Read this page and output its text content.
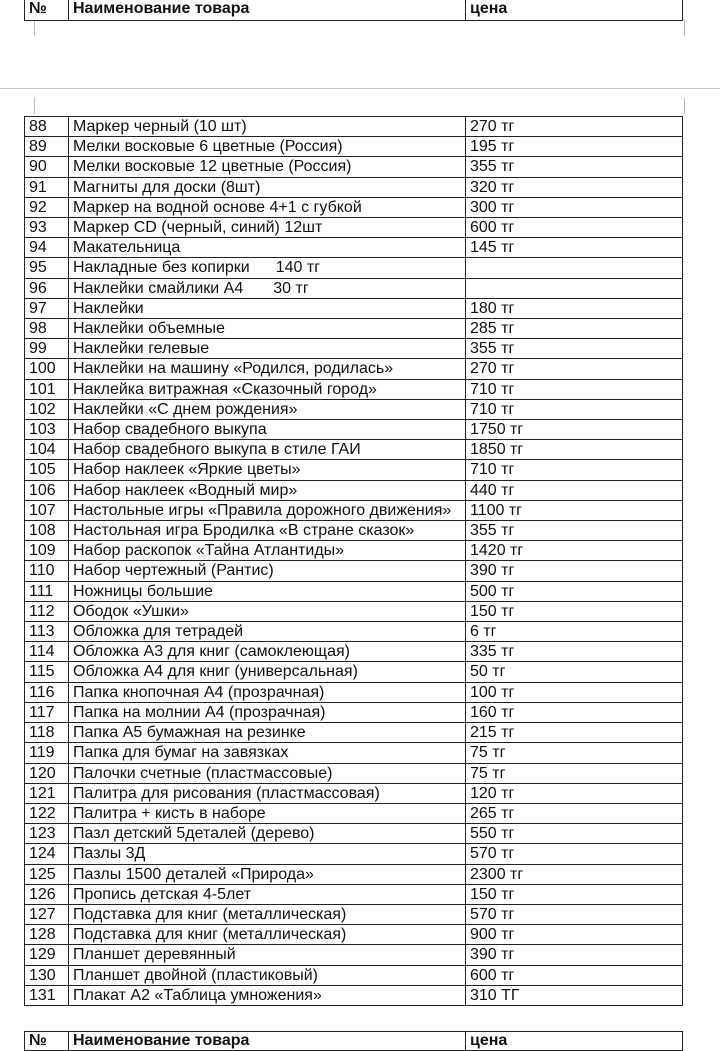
№	Наименование товара	цена
88	Маркер черный (10 шт)	270 тг
89	Мелки восковые 6 цветные (Россия)	195 тг
90	Мелки восковые 12 цветные (Россия)	355 тг
91	Магниты для доски (8шт)	320 тг
92	Маркер на водной основе 4+1 с губкой	300 тг
93	Маркер CD (черный, синий) 12шт	600 тг
94	Макательница	145 тг
95	Накладные без копирки 140 тг	
96	Наклейки смайлики А4 30 тг	
97	Наклейки	180 тг
98	Наклейки объемные	285 тг
99	Наклейки гелевые	355 тг
100	Наклейки на машину «Родился, родилась»	270 тг
101	Наклейка витражная «Сказочный город»	710 тг
102	Наклейки «С днем рождения»	710 тг
103	Набор свадебного выкупа	1750 тг
104	Набор свадебного выкупа в стиле ГАИ	1850 тг
105	Набор наклеек «Яркие цветы»	710 тг
106	Набор наклеек «Водный мир»	440 тг
107	Настольные игры «Правила дорожного движения»	1100 тг
108	Настольная игра Бродилка «В стране сказок»	355 тг
109	Набор раскопок «Тайна Атлантиды»	1420 тг
110	Набор чертежный (Рантис)	390 тг
111	Ножницы большие	500 тг
112	Ободок «Ушки»	150 тг
113	Обложка для тетрадей	6 тг
114	Обложка А3 для книг (самоклеющая)	335 тг
115	Обложка А4 для книг (универсальная)	50 тг
116	Папка кнопочная А4 (прозрачная)	100 тг
117	Папка на молнии А4 (прозрачная)	160 тг
118	Папка А5 бумажная на резинке	215 тг
119	Папка для бумаг на завязках	75 тг
120	Палочки счетные (пластмассовые)	75 тг
121	Палитра для рисования (пластмассовая)	120 тг
122	Палитра + кисть в наборе	265 тг
123	Пазл детский 5деталей (дерево)	550 тг
124	Пазлы 3Д	570 тг
125	Пазлы 1500 деталей «Природа»	2300 тг
126	Пропись детская 4-5лет	150 тг
127	Подставка для книг (металлическая)	570 тг
128	Подставка для книг (металлическая)	900 тг
129	Планшет деревянный	390 тг
130	Планшет двойной (пластиковый)	600 тг
131	Плакат А2 «Таблица умножения»	310 ТГ
№	Наименование товара	цена
